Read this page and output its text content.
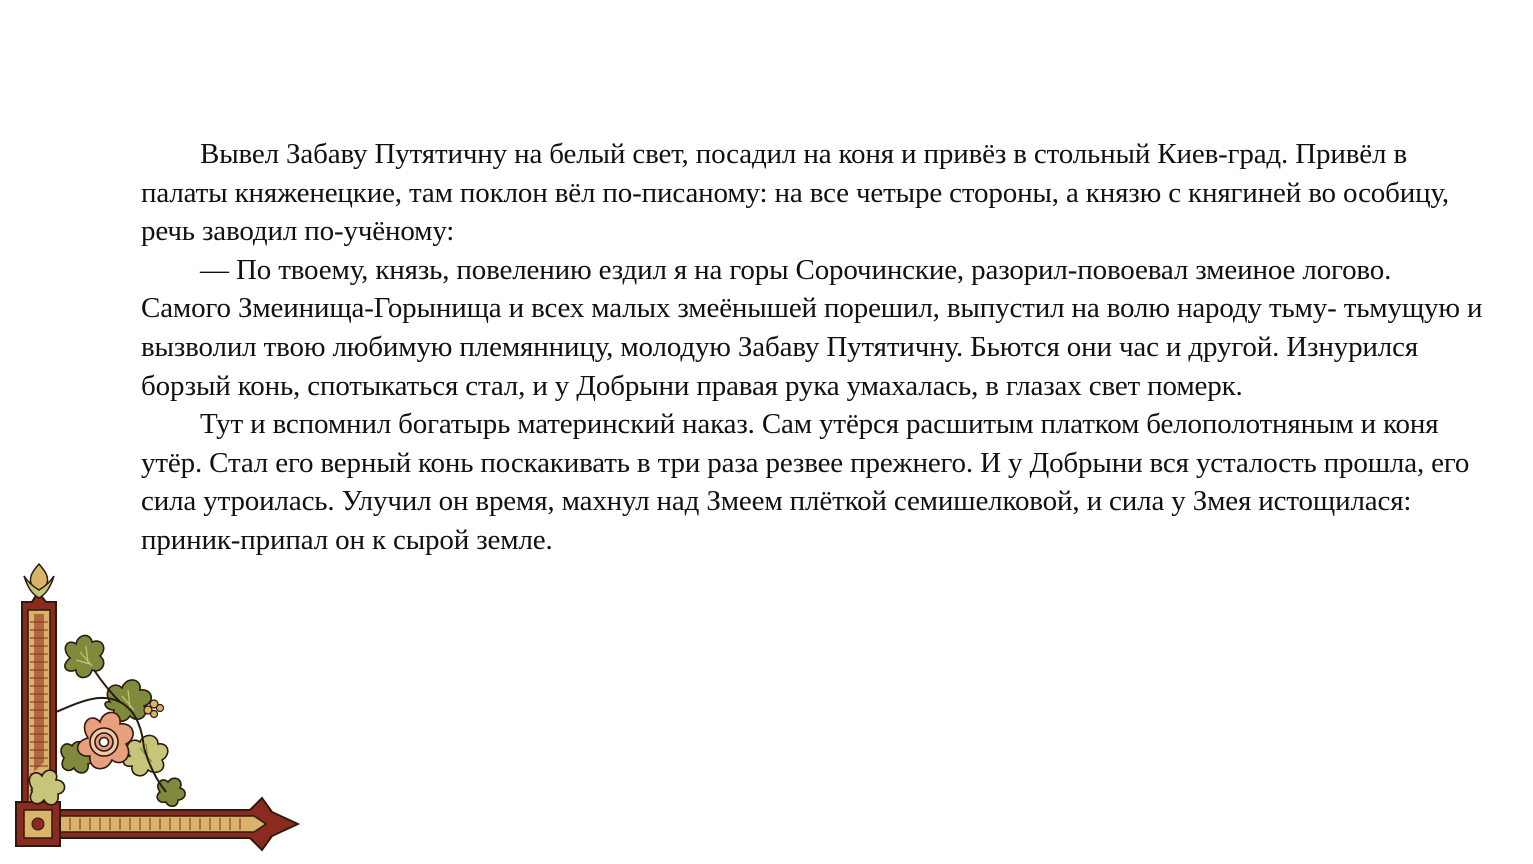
Вывел Забаву Путятичну на белый свет, посадил на коня и привёз в стольный Киев-град. Привёл в палаты княженецкие, там поклон вёл по-писаному: на все четыре стороны, а князю с княгиней во особицу, речь заводил по-учёному:

— По твоему, князь, повелению ездил я на горы Сорочинские, разорил-повоевал змеиное логово. Самого Змеинища-Горынища и всех малых змеёнышей порешил, выпустил на волю народу тьму- тьмущую и вызволил твою любимую племянницу, молодую Забаву Путятичну. Бьются они час и другой. Изнурился борзый конь, спотыкаться стал, и у Добрыни правая рука умахалась, в глазах свет померк.

Тут и вспомнил богатырь материнский наказ. Сам утёрся расшитым платком белополотняным и коня утёр. Стал его верный конь поскакивать в три раза резвее прежнего. И у Добрыни вся усталость прошла, его сила утроилась. Улучил он время, махнул над Змеем плёткой семишелковой, и сила у Змея истощилася: приник-припал он к сырой земле.
